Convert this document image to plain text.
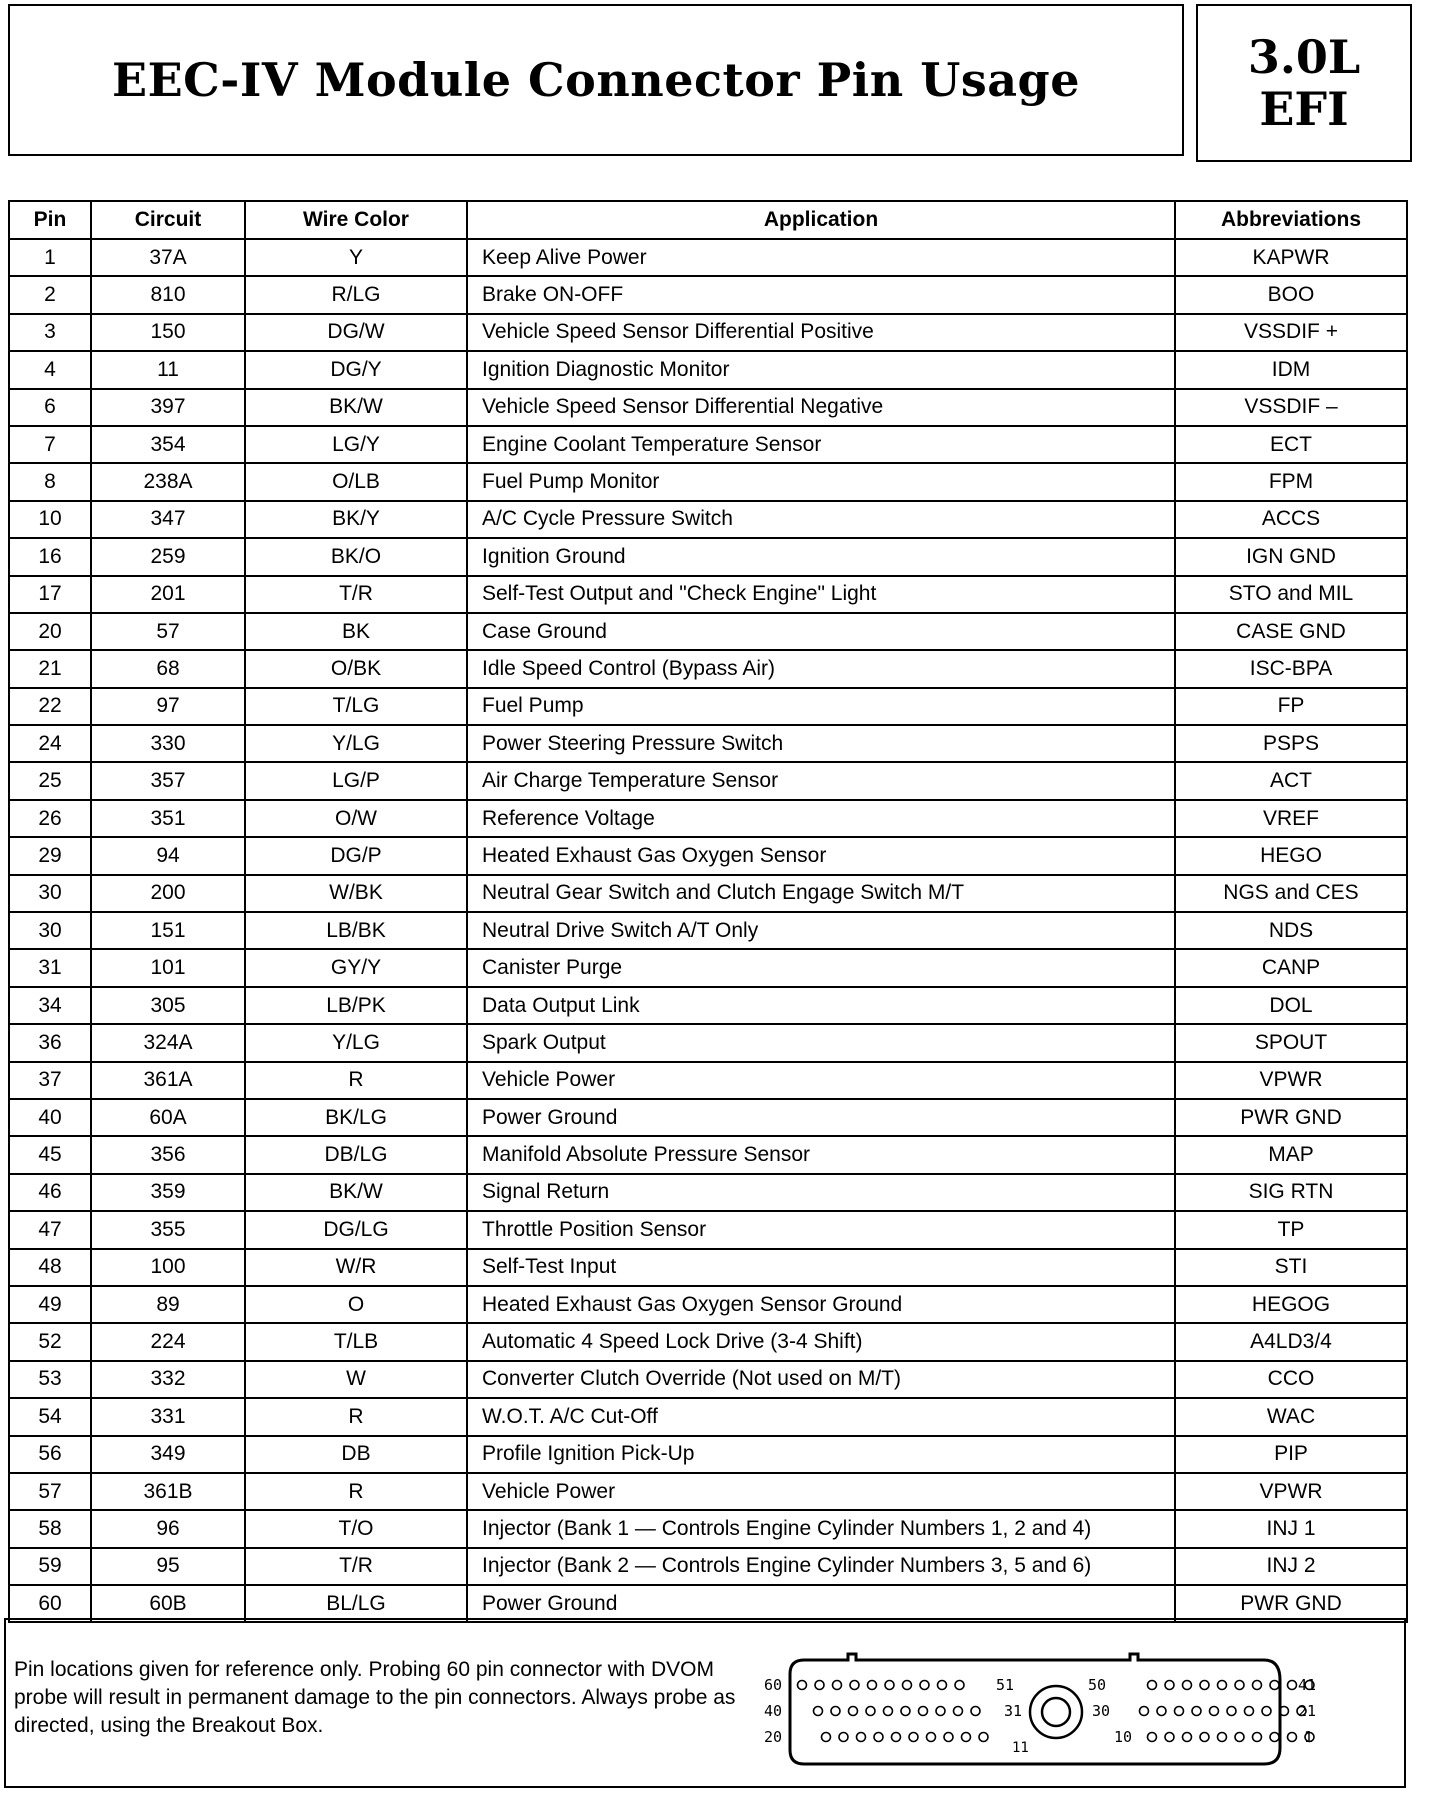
EEC-IV Module Connector Pin Usage	3.0L
EFI
Pin	Circuit	Wire Color	Application	Abbreviations
1	37A	Y	Keep Alive Power	KAPWR
2	810	R/LG	Brake ON-OFF	BOO
3	150	DG/W	Vehicle Speed Sensor Differential Positive	VSSDIF +
4	11	DG/Y	Ignition Diagnostic Monitor	IDM
6	397	BK/W	Vehicle Speed Sensor Differential Negative	VSSDIF –
7	354	LG/Y	Engine Coolant Temperature Sensor	ECT
8	238A	O/LB	Fuel Pump Monitor	FPM
10	347	BK/Y	A/C Cycle Pressure Switch	ACCS
16	259	BK/O	Ignition Ground	IGN GND
17	201	T/R	Self-Test Output and "Check Engine" Light	STO and MIL
20	57	BK	Case Ground	CASE GND
21	68	O/BK	Idle Speed Control (Bypass Air)	ISC-BPA
22	97	T/LG	Fuel Pump	FP
24	330	Y/LG	Power Steering Pressure Switch	PSPS
25	357	LG/P	Air Charge Temperature Sensor	ACT
26	351	O/W	Reference Voltage	VREF
29	94	DG/P	Heated Exhaust Gas Oxygen Sensor	HEGO
30	200	W/BK	Neutral Gear Switch and Clutch Engage Switch M/T	NGS and CES
30	151	LB/BK	Neutral Drive Switch A/T Only	NDS
31	101	GY/Y	Canister Purge	CANP
34	305	LB/PK	Data Output Link	DOL
36	324A	Y/LG	Spark Output	SPOUT
37	361A	R	Vehicle Power	VPWR
40	60A	BK/LG	Power Ground	PWR GND
45	356	DB/LG	Manifold Absolute Pressure Sensor	MAP
46	359	BK/W	Signal Return	SIG RTN
47	355	DG/LG	Throttle Position Sensor	TP
48	100	W/R	Self-Test Input	STI
49	89	O	Heated Exhaust Gas Oxygen Sensor Ground	HEGOG
52	224	T/LB	Automatic 4 Speed Lock Drive (3-4 Shift)	A4LD3/4
53	332	W	Converter Clutch Override (Not used on M/T)	CCO
54	331	R	W.O.T. A/C Cut-Off	WAC
56	349	DB	Profile Ignition Pick-Up	PIP
57	361B	R	Vehicle Power	VPWR
58	96	T/O	Injector (Bank 1 — Controls Engine Cylinder Numbers 1, 2 and 4)	INJ 1
59	95	T/R	Injector (Bank 2 — Controls Engine Cylinder Numbers 3, 5 and 6)	INJ 2
60	60B	BL/LG	Power Ground	PWR GND
Pin locations given for reference only. Probing 60 pin connector with DVOM probe will result in permanent damage to the pin connectors. Always probe as directed, using the Breakout Box.
60
40
20
51
31
11
50
30
10
41
21
1
